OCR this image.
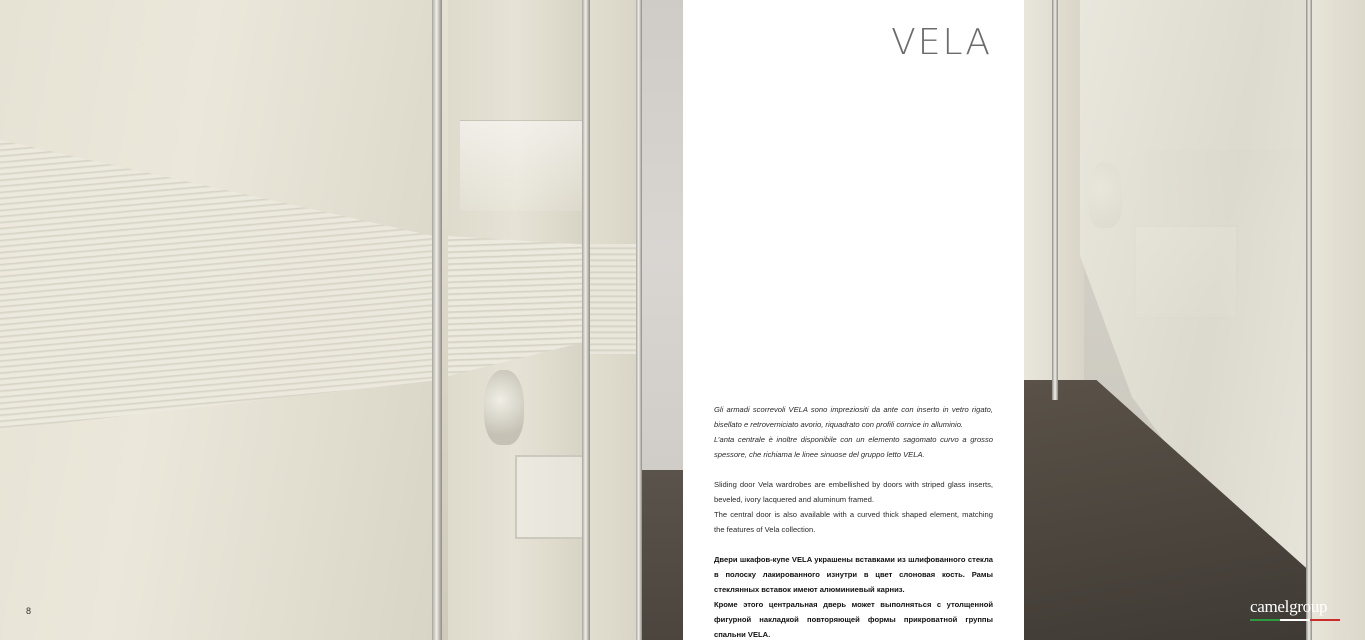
8
VELA

Gli armadi scorrevoli VELA sono impreziositi da ante con inserto in vetro rigato, bisellato e retroverniciato avorio, riquadrato con profili cornice in alluminio.

L’anta centrale è inoltre disponibile con un elemento sagomato curvo a grosso spessore, che richiama le linee sinuose del gruppo letto VELA.

Sliding door Vela wardrobes are embellished by doors with striped glass inserts, beveled, ivory lacquered and aluminum framed.

The central door is also available with a curved thick shaped element, matching the features of Vela collection.

Двери шкафов-купе VELA украшены вставками из шлифованного стекла в полоску лакированного изнутри в цвет слоновая кость. Рамы стеклянных вставок имеют алюминиевый карниз.

Кроме этого центральная дверь может выполняться с утолщенной фигурной накладкой повторяющей формы прикроватной группы спальни VELA.

camelgroup
